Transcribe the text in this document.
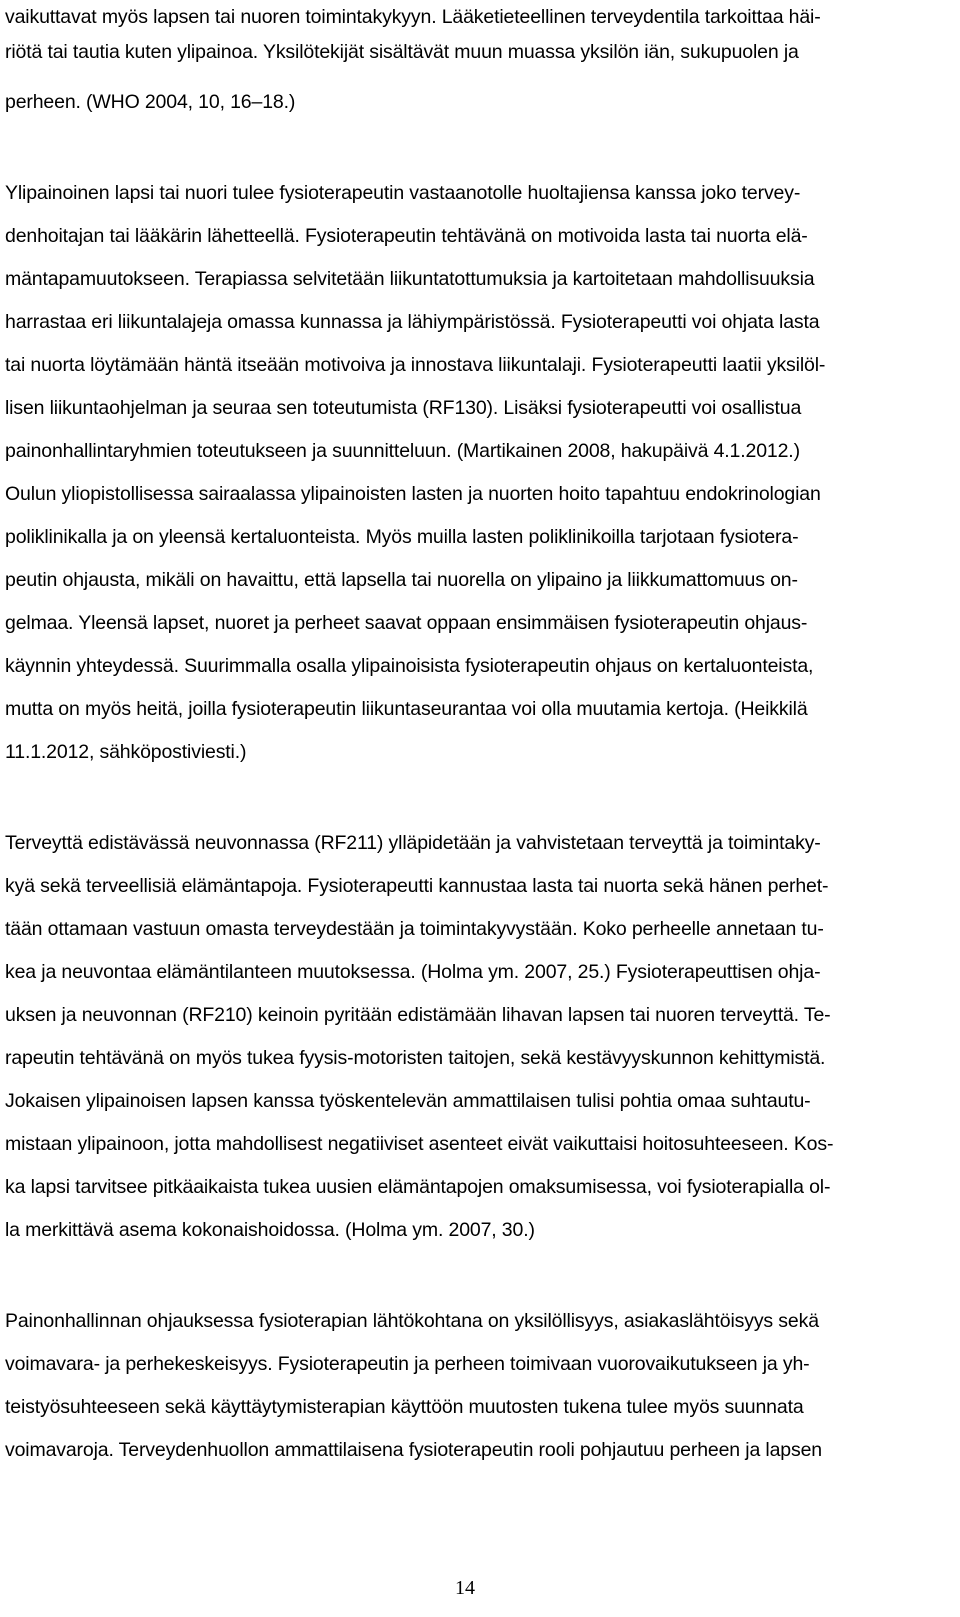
vaikuttavat myös lapsen tai nuoren toimintakykyyn. Lääketieteellinen terveydentila tarkoittaa häi-
riötä tai tautia kuten ylipainoa. Yksilötekijät sisältävät muun muassa yksilön iän, sukupuolen ja
perheen. (WHO 2004, 10, 16–18.)
Ylipainoinen lapsi tai nuori tulee fysioterapeutin vastaanotolle huoltajiensa kanssa joko tervey-
denhoitajan tai lääkärin lähetteellä. Fysioterapeutin tehtävänä on motivoida lasta tai nuorta elä-
mäntapamuutokseen. Terapiassa selvitetään liikuntatottumuksia ja kartoitetaan mahdollisuuksia
harrastaa eri liikuntalajeja omassa kunnassa ja lähiympäristössä. Fysioterapeutti voi ohjata lasta
tai nuorta löytämään häntä itseään motivoiva ja innostava liikuntalaji. Fysioterapeutti laatii yksilöl-
lisen liikuntaohjelman ja seuraa sen toteutumista (RF130). Lisäksi fysioterapeutti voi osallistua
painonhallintaryhmien toteutukseen ja suunnitteluun. (Martikainen 2008, hakupäivä 4.1.2012.)
Oulun yliopistollisessa sairaalassa ylipainoisten lasten ja nuorten hoito tapahtuu endokrinologian
poliklinikalla ja on yleensä kertaluonteista. Myös muilla lasten poliklinikoilla tarjotaan fysiotera-
peutin ohjausta, mikäli on havaittu, että lapsella tai nuorella on ylipaino ja liikkumattomuus on-
gelmaa. Yleensä lapset, nuoret ja perheet saavat oppaan ensimmäisen fysioterapeutin ohjaus-
käynnin yhteydessä. Suurimmalla osalla ylipainoisista fysioterapeutin ohjaus on kertaluonteista,
mutta on myös heitä, joilla fysioterapeutin liikuntaseurantaa voi olla muutamia kertoja. (Heikkilä
11.1.2012, sähköpostiviesti.)
Terveyttä edistävässä neuvonnassa (RF211) ylläpidetään ja vahvistetaan terveyttä ja toimintaky-
kyä sekä terveellisiä elämäntapoja. Fysioterapeutti kannustaa lasta tai nuorta sekä hänen perhet-
tään ottamaan vastuun omasta terveydestään ja toimintakyvystään. Koko perheelle annetaan tu-
kea ja neuvontaa elämäntilanteen muutoksessa. (Holma ym. 2007, 25.) Fysioterapeuttisen ohja-
uksen ja neuvonnan (RF210) keinoin pyritään edistämään lihavan lapsen tai nuoren terveyttä. Te-
rapeutin tehtävänä on myös tukea fyysis-motoristen taitojen, sekä kestävyyskunnon kehittymistä.
Jokaisen ylipainoisen lapsen kanssa työskentelevän ammattilaisen tulisi pohtia omaa suhtautu-
mistaan ylipainoon, jotta mahdollisest negatiiviset asenteet eivät vaikuttaisi hoitosuhteeseen. Kos-
ka lapsi tarvitsee pitkäaikaista tukea uusien elämäntapojen omaksumisessa, voi fysioterapialla ol-
la merkittävä asema kokonaishoidossa. (Holma ym. 2007, 30.)
Painonhallinnan ohjauksessa fysioterapian lähtökohtana on yksilöllisyys, asiakaslähtöisyys sekä
voimavara- ja perhekeskeisyys. Fysioterapeutin ja perheen toimivaan vuorovaikutukseen ja yh-
teistyösuhteeseen sekä käyttäytymisterapian käyttöön muutosten tukena tulee myös suunnata
voimavaroja. Terveydenhuollon ammattilaisena fysioterapeutin rooli pohjautuu perheen ja lapsen
14
